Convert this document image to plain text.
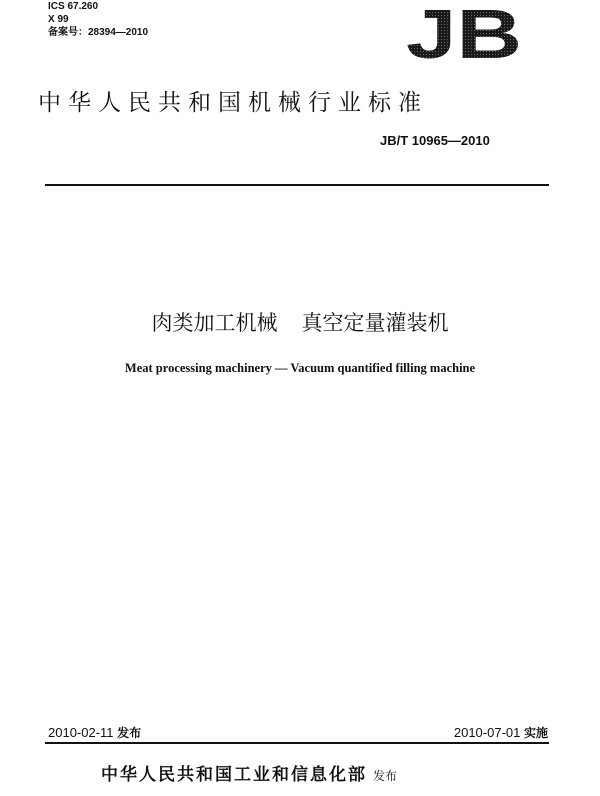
ICS 67.260
X 99
备案号：28394—2010	JB
中华人民共和国机械行业标准
JB/T 10965—2010
肉类加工机械 真空定量灌装机
Meat processing machinery — Vacuum quantified filling machine
2010-02-11 发布	2010-07-01 实施
中华人民共和国工业和信息化部 发布
